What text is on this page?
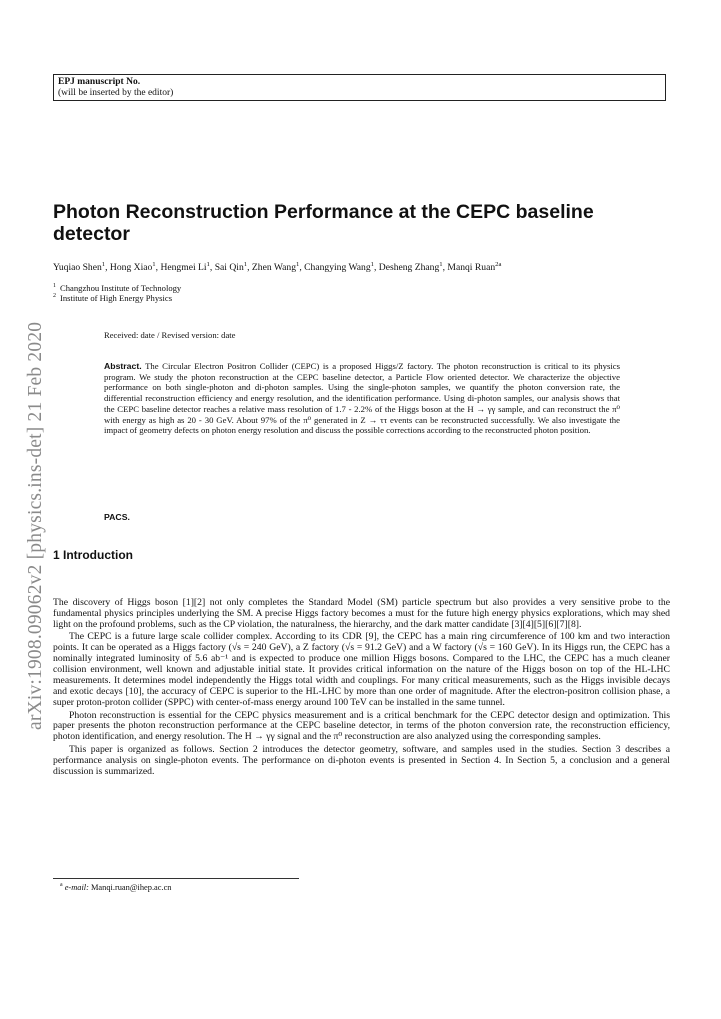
EPJ manuscript No.
(will be inserted by the editor)
arXiv:1908.09062v2 [physics.ins-det] 21 Feb 2020
Photon Reconstruction Performance at the CEPC baseline detector
Yuqiao Shen$^1$, Hong Xiao$^1$, Hengmei Li$^1$, Sai Qin$^1$, Zhen Wang$^1$, Changying Wang$^1$, Desheng Zhang$^1$, Manqi Ruan$^{2a}$
$^1$ Changzhou Institute of Technology
$^2$ Institute of High Energy Physics
Received: date / Revised version: date
Abstract. The Circular Electron Positron Collider (CEPC) is a proposed Higgs/Z factory. The photon reconstruction is critical to its physics program. We study the photon reconstruction at the CEPC baseline detector, a Particle Flow oriented detector. We characterize the objective performance on both single-photon and di-photon samples. Using the single-photon samples, we quantify the photon conversion rate, the differential reconstruction efficiency and energy resolution, and the identification performance. Using di-photon samples, our analysis shows that the CEPC baseline detector reaches a relative mass resolution of 1.7 - 2.2% of the Higgs boson at the H → γγ sample, and can reconstruct the π⁰ with energy as high as 20 - 30 GeV. About 97% of the π⁰ generated in Z → ττ events can be reconstructed successfully. We also investigate the impact of geometry defects on photon energy resolution and discuss the possible corrections according to the reconstructed photon position.
PACS.
1 Introduction

The discovery of Higgs boson [1][2] not only completes the Standard Model (SM) particle spectrum but also provides a very sensitive probe to the fundamental physics principles underlying the SM. A precise Higgs factory becomes a must for the future high energy physics explorations, which may shed light on the profound problems, such as the CP violation, the naturalness, the hierarchy, and the dark matter candidate [3][4][5][6][7][8].

The CEPC is a future large scale collider complex. According to its CDR [9], the CEPC has a main ring circumference of 100 km and two interaction points. It can be operated as a Higgs factory (√s = 240 GeV), a Z factory (√s = 91.2 GeV) and a W factory (√s = 160 GeV). In its Higgs run, the CEPC has a nominally integrated luminosity of 5.6 ab⁻¹ and is expected to produce one million Higgs bosons. Compared to the LHC, the CEPC has a much cleaner collision environment, well known and adjustable initial state. It provides critical information on the nature of the Higgs boson on top of the HL-LHC measurements. It determines model independently the Higgs total width and couplings. For many critical measurements, such as the Higgs invisible decays and exotic decays [10], the accuracy of CEPC is superior to the HL-LHC by more than one order of magnitude. After the electron-positron collision phase, a super proton-proton collider (SPPC) with center-of-mass energy around 100 TeV can be installed in the same tunnel.

Photon reconstruction is essential for the CEPC physics measurement and is a critical benchmark for the CEPC detector design and optimization. This paper presents the photon reconstruction performance at the CEPC baseline detector, in terms of the photon conversion rate, the reconstruction efficiency, photon identification, and energy resolution. The H → γγ signal and the π⁰ reconstruction are also analyzed using the corresponding samples.

This paper is organized as follows. Section 2 introduces the detector geometry, software, and samples used in the studies. Section 3 describes a performance analysis on single-photon events. The performance on di-photon events is presented in Section 4. In Section 5, a conclusion and a general discussion is summarized.

$^a$ e-mail: Manqi.ruan@ihep.ac.cn
